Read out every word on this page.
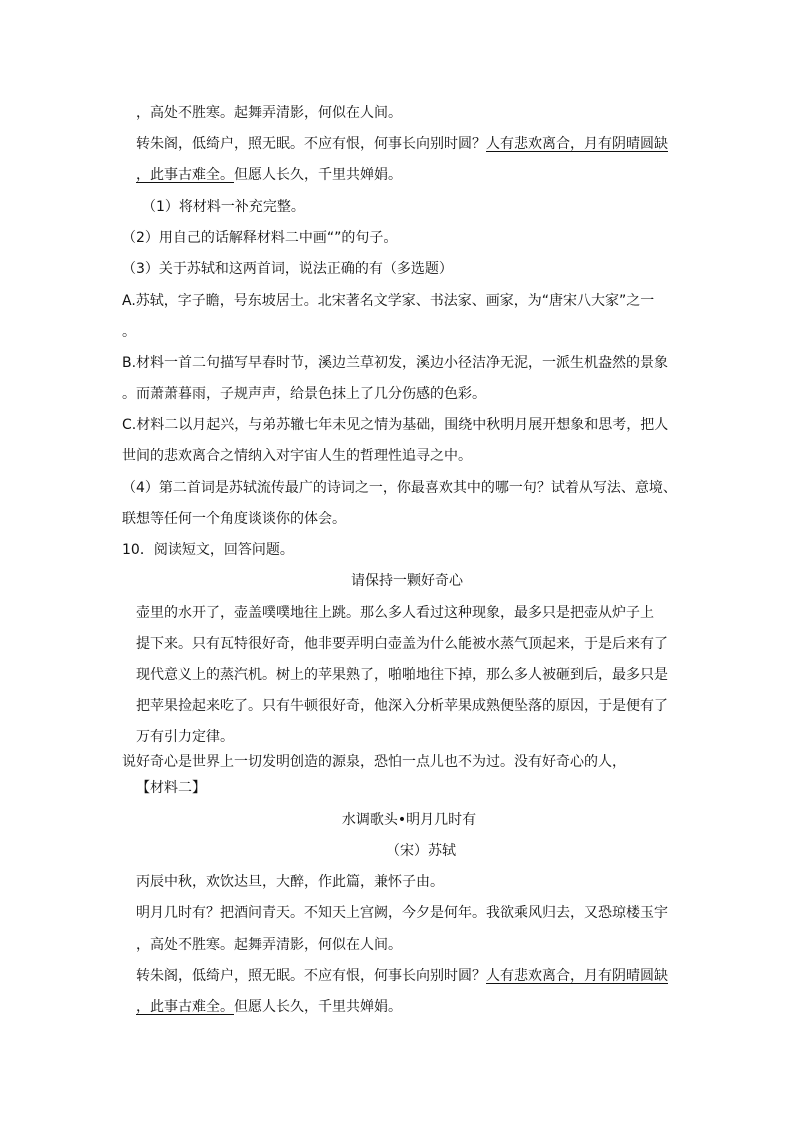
，高处不胜寒。起舞弄清影，何似在人间。
转朱阁，低绮户，照无眠。不应有恨，何事长向别时圆？人有悲欢离合，月有阴晴圆缺
，此事古难全。但愿人长久，千里共婵娟。
（1）将材料一补充完整。
（2）用自己的话解释材料二中画“”的句子。
（3）关于苏轼和这两首词，说法正确的有（多选题）
A.苏轼，字子瞻，号东坡居士。北宋著名文学家、书法家、画家，为“唐宋八大家”之一
。
B.材料一首二句描写早春时节，溪边兰草初发，溪边小径洁净无泥，一派生机盎然的景象
。而萧萧暮雨，子规声声，给景色抹上了几分伤感的色彩。
C.材料二以月起兴，与弟苏辙七年未见之情为基础，围绕中秋明月展开想象和思考，把人
世间的悲欢离合之情纳入对宇宙人生的哲理性追寻之中。
（4）第二首词是苏轼流传最广的诗词之一，你最喜欢其中的哪一句？试着从写法、意境、
联想等任何一个角度谈谈你的体会。
10．阅读短文，回答问题。
请保持一颗好奇心
壶里的水开了，壶盖噗噗地往上跳。那么多人看过这种现象，最多只是把壶从炉子上
提下来。只有瓦特很好奇，他非要弄明白壶盖为什么能被水蒸气顶起来，于是后来有了
现代意义上的蒸汽机。树上的苹果熟了，啪啪地往下掉，那么多人被砸到后，最多只是
把苹果捡起来吃了。只有牛顿很好奇，他深入分析苹果成熟便坠落的原因，于是便有了
万有引力定律。
说好奇心是世界上一切发明创造的源泉，恐怕一点儿也不为过。没有好奇心的人，
【材料二】
水调歌头•明月几时有
（宋）苏轼
丙辰中秋，欢饮达旦，大醉，作此篇，兼怀子由。
明月几时有？把酒问青天。不知天上宫阙，今夕是何年。我欲乘风归去，又恐琼楼玉宇
，高处不胜寒。起舞弄清影，何似在人间。
转朱阁，低绮户，照无眠。不应有恨，何事长向别时圆？人有悲欢离合，月有阴晴圆缺
，此事古难全。但愿人长久，千里共婵娟。
